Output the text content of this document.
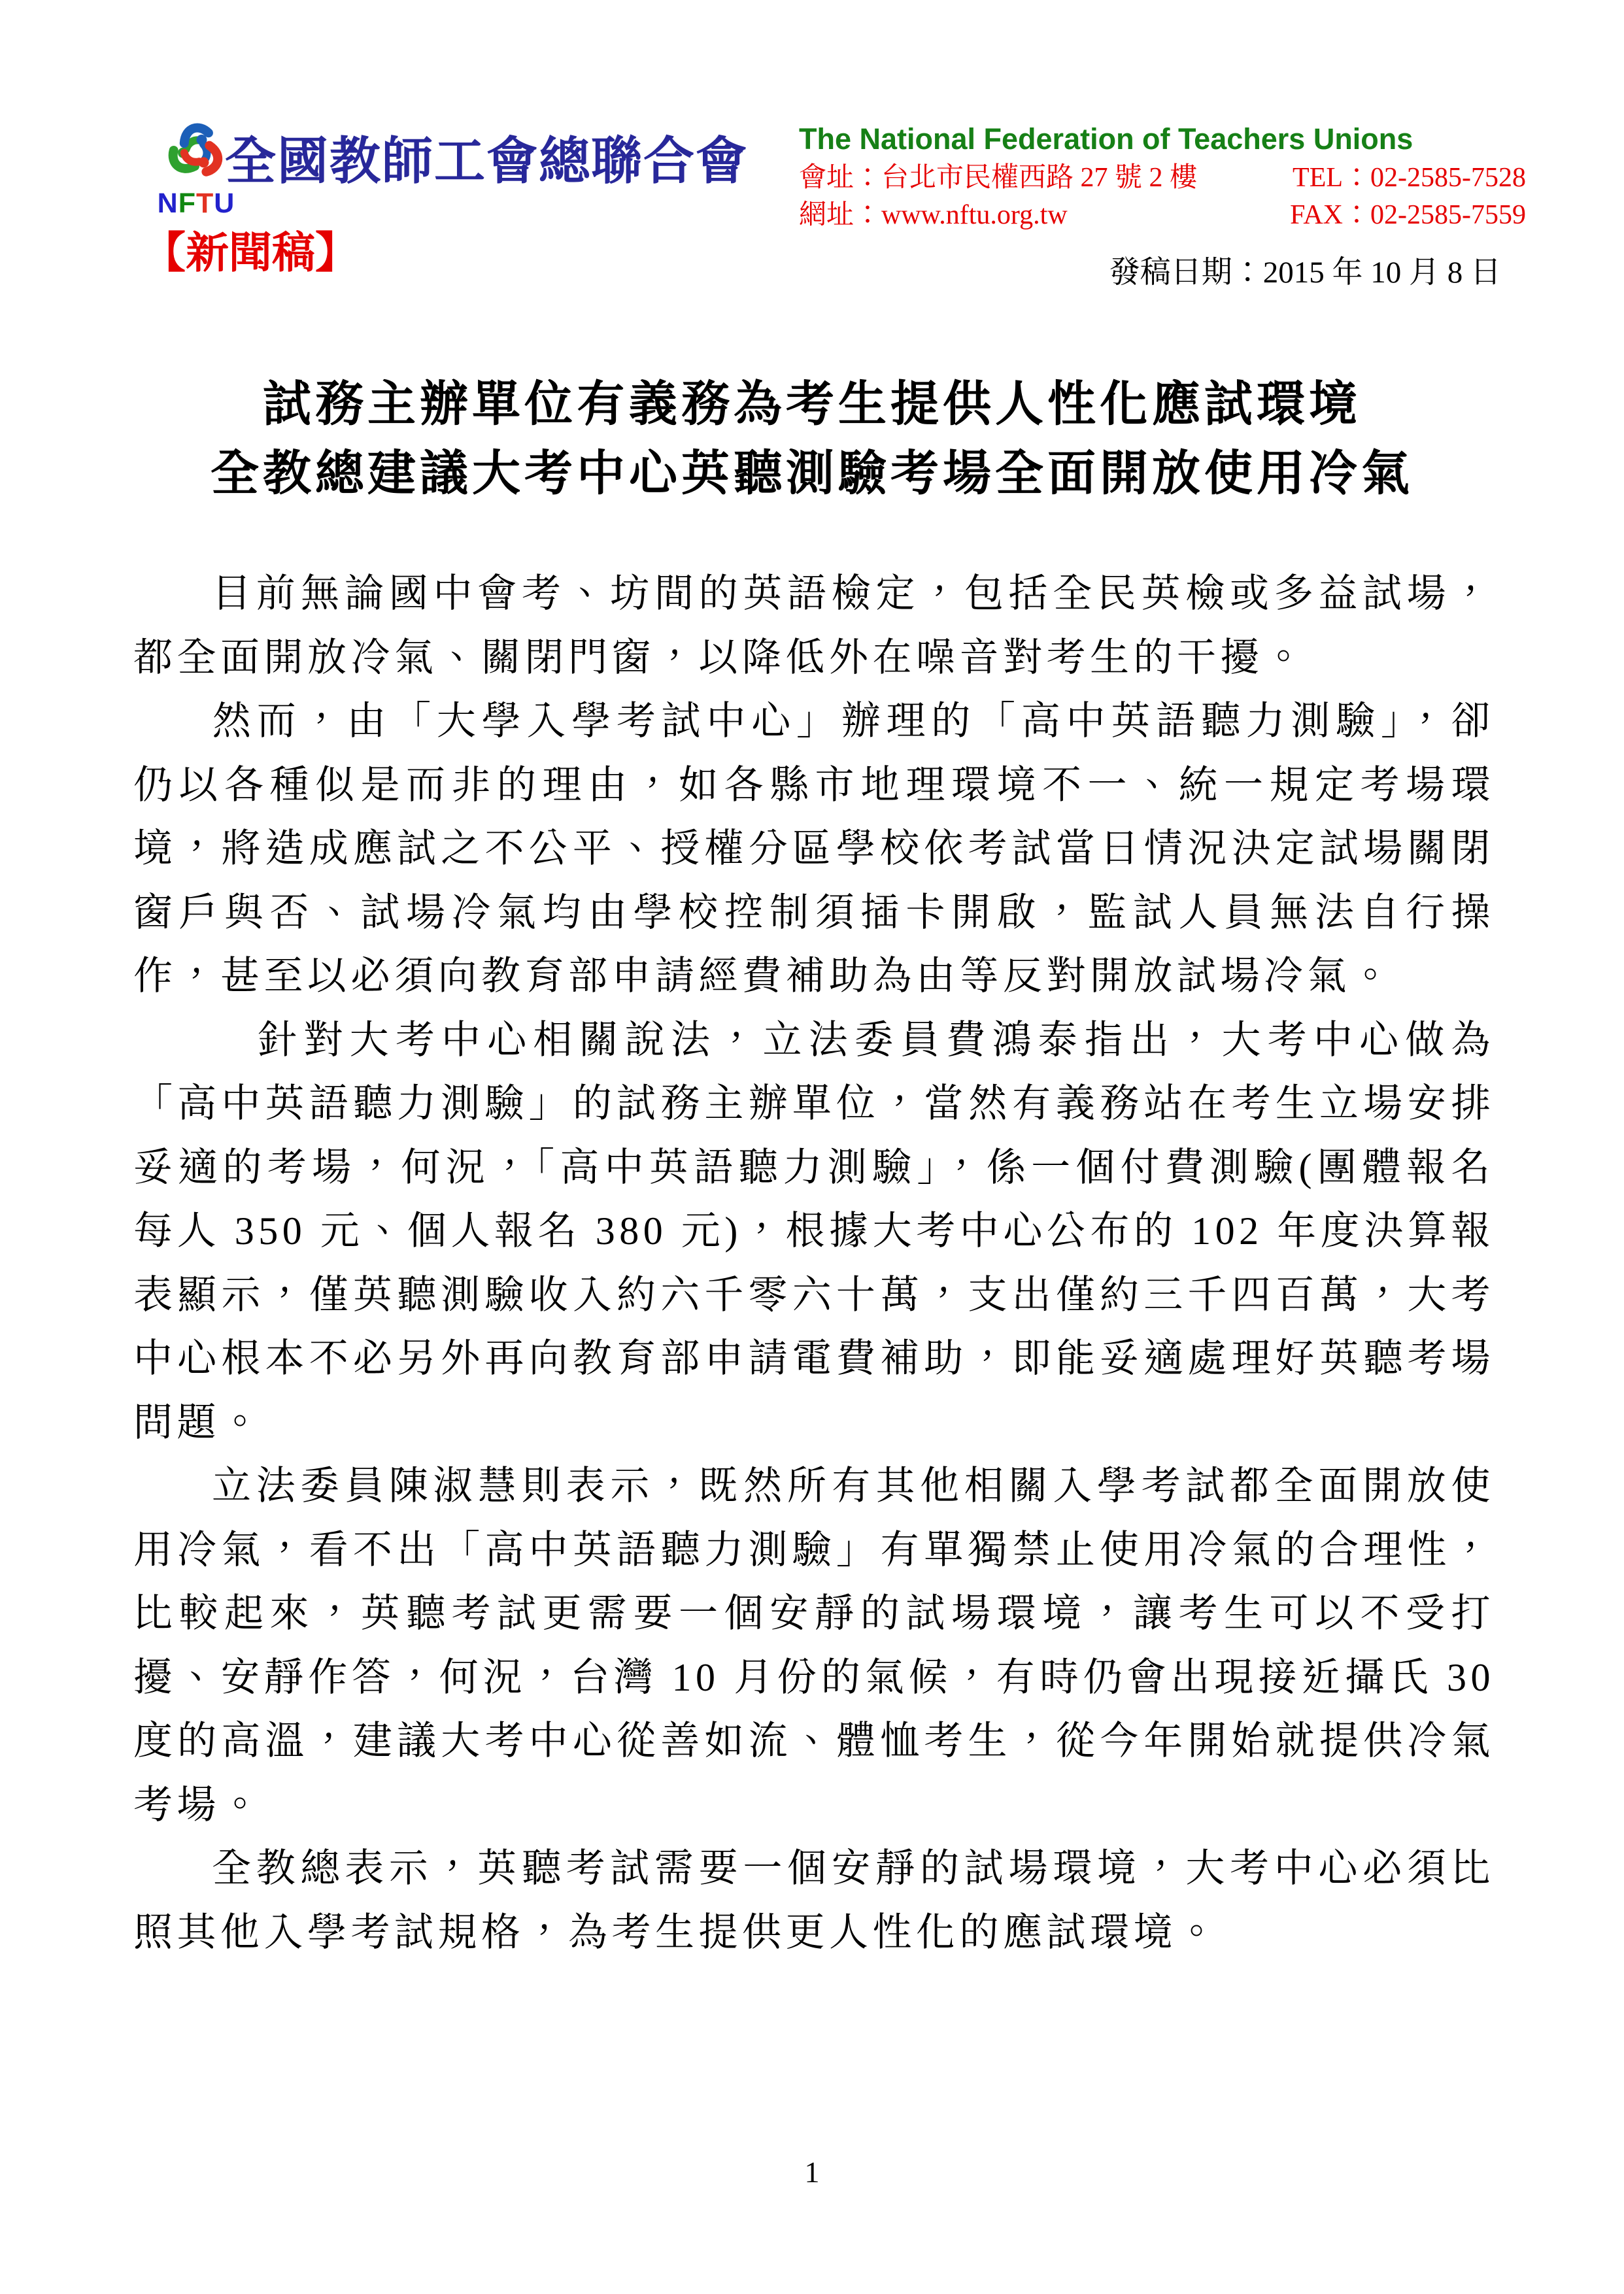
NFTU
全國教師工會總聯合會 The National Federation of Teachers Unions
會址：台北市民權西路 27 號 2 樓	TEL：02-2585-7528
網址：www.nftu.org.tw	FAX：02-2585-7559
【新聞稿】	發稿日期：2015 年 10 月 8 日
試務主辦單位有義務為考生提供人性化應試環境
全教總建議大考中心英聽測驗考場全面開放使用冷氣

目前無論國中會考、坊間的英語檢定，包括全民英檢或多益試場，都全面開放冷氣、關閉門窗，以降低外在噪音對考生的干擾。

然而，由「大學入學考試中心」辦理的「高中英語聽力測驗」，卻仍以各種似是而非的理由，如各縣市地理環境不一、統一規定考場環境，將造成應試之不公平、授權分區學校依考試當日情況決定試場關閉窗戶與否、試場冷氣均由學校控制須插卡開啟，監試人員無法自行操作，甚至以必須向教育部申請經費補助為由等反對開放試場冷氣。

　針對大考中心相關說法，立法委員費鴻泰指出，大考中心做為「高中英語聽力測驗」的試務主辦單位，當然有義務站在考生立場安排妥適的考場，何況，「高中英語聽力測驗」，係一個付費測驗(團體報名每人 350 元、個人報名 380 元)，根據大考中心公布的 102 年度決算報表顯示，僅英聽測驗收入約六千零六十萬，支出僅約三千四百萬，大考中心根本不必另外再向教育部申請電費補助，即能妥適處理好英聽考場問題。

立法委員陳淑慧則表示，既然所有其他相關入學考試都全面開放使用冷氣，看不出「高中英語聽力測驗」有單獨禁止使用冷氣的合理性，比較起來，英聽考試更需要一個安靜的試場環境，讓考生可以不受打擾、安靜作答，何況，台灣 10 月份的氣候，有時仍會出現接近攝氏 30 度的高溫，建議大考中心從善如流、體恤考生，從今年開始就提供冷氣考場。

全教總表示，英聽考試需要一個安靜的試場環境，大考中心必須比照其他入學考試規格，為考生提供更人性化的應試環境。

1
